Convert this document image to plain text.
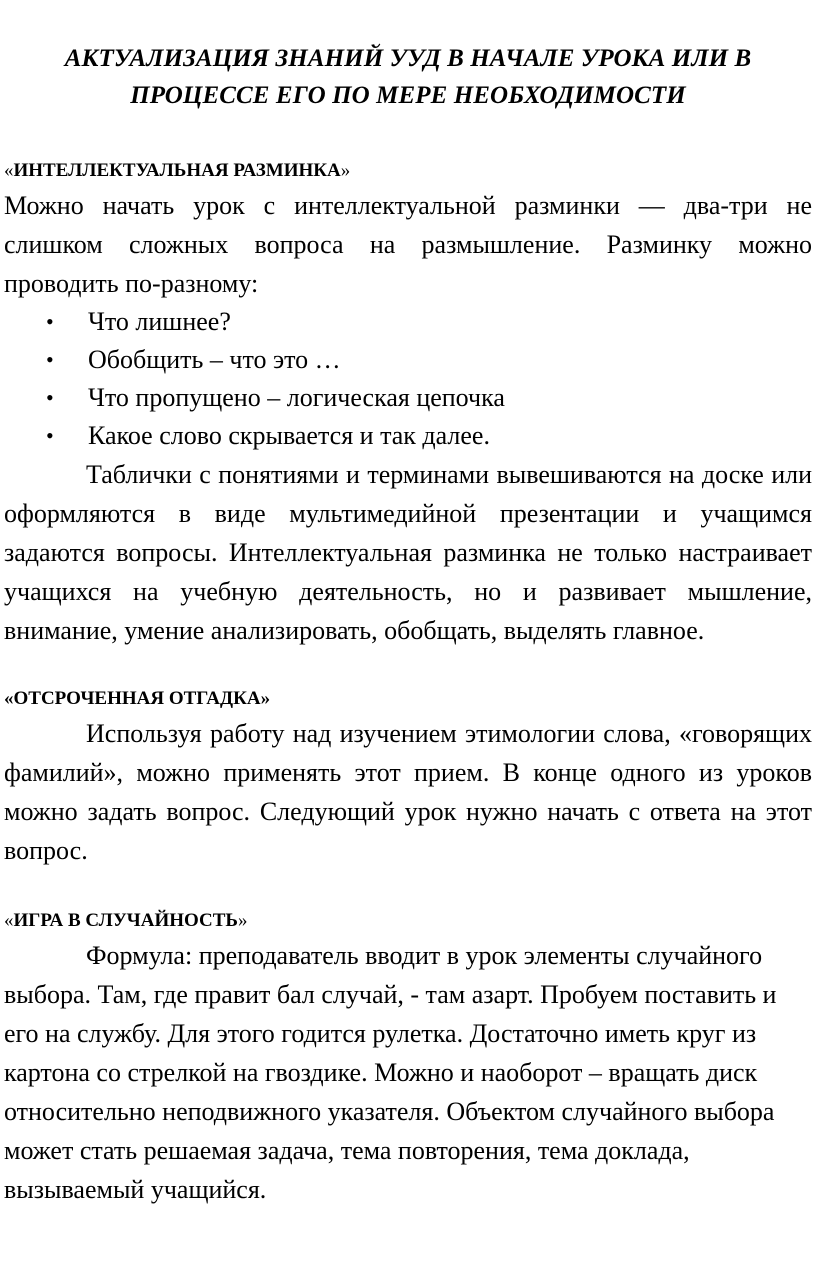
АКТУАЛИЗАЦИЯ ЗНАНИЙ УУД В НАЧАЛЕ УРОКА ИЛИ В ПРОЦЕССЕ ЕГО ПО МЕРЕ НЕОБХОДИМОСТИ

«ИНТЕЛЛЕКТУАЛЬНАЯ РАЗМИНКА»

Можно начать урок с интеллектуальной разминки — два-три не слишком сложных вопроса на размышление. Разминку можно проводить по-разному:

• Что лишнее?
• Обобщить – что это …
• Что пропущено – логическая цепочка
• Какое слово скрывается и так далее.

Таблички с понятиями и терминами вывешиваются на доске или оформляются в виде мультимедийной презентации и учащимся задаются вопросы. Интеллектуальная разминка не только настраивает учащихся на учебную деятельность, но и развивает мышление, внимание, умение анализировать, обобщать, выделять главное.

«ОТСРОЧЕННАЯ ОТГАДКА»

Используя работу над изучением этимологии слова, «говорящих фамилий», можно применять этот прием. В конце одного из уроков можно задать вопрос. Следующий урок нужно начать с ответа на этот вопрос.

«ИГРА В СЛУЧАЙНОСТЬ»

Формула: преподаватель вводит в урок элементы случайного выбора. Там, где правит бал случай, - там азарт. Пробуем поставить и его на службу. Для этого годится рулетка. Достаточно иметь круг из картона со стрелкой на гвоздике. Можно и наоборот – вращать диск относительно неподвижного указателя. Объектом случайного выбора может стать решаемая задача, тема повторения, тема доклада, вызываемый учащийся.
